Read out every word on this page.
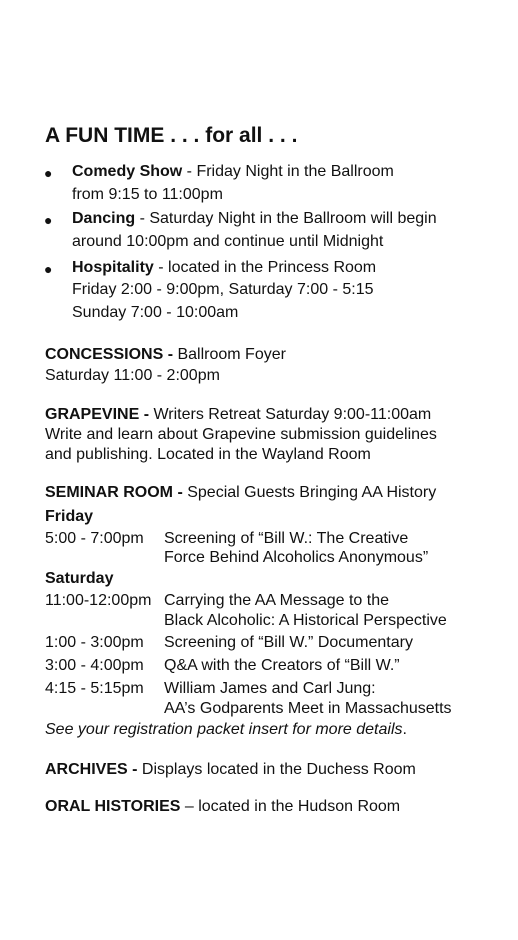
A FUN TIME . . . for all . . .
● Comedy Show - Friday Night in the Ballroom
from 9:15 to 11:00pm
● Dancing - Saturday Night in the Ballroom will begin
around 10:00pm and continue until Midnight
● Hospitality - located in the Princess Room
Friday 2:00 - 9:00pm, Saturday 7:00 - 5:15
Sunday 7:00 - 10:00am
CONCESSIONS - Ballroom Foyer
Saturday 11:00 - 2:00pm
GRAPEVINE - Writers Retreat Saturday 9:00-11:00am
Write and learn about Grapevine submission guidelines
and publishing. Located in the Wayland Room
SEMINAR ROOM - Special Guests Bringing AA History
Friday
5:00 - 7:00pm Screening of “Bill W.: The Creative
Force Behind Alcoholics Anonymous”
Saturday
11:00-12:00pm Carrying the AA Message to the
Black Alcoholic: A Historical Perspective
1:00 - 3:00pm Screening of “Bill W.” Documentary
3:00 - 4:00pm Q&A with the Creators of “Bill W.”
4:15 - 5:15pm William James and Carl Jung:
AA’s Godparents Meet in Massachusetts
See your registration packet insert for more details.
ARCHIVES - Displays located in the Duchess Room
ORAL HISTORIES – located in the Hudson Room
